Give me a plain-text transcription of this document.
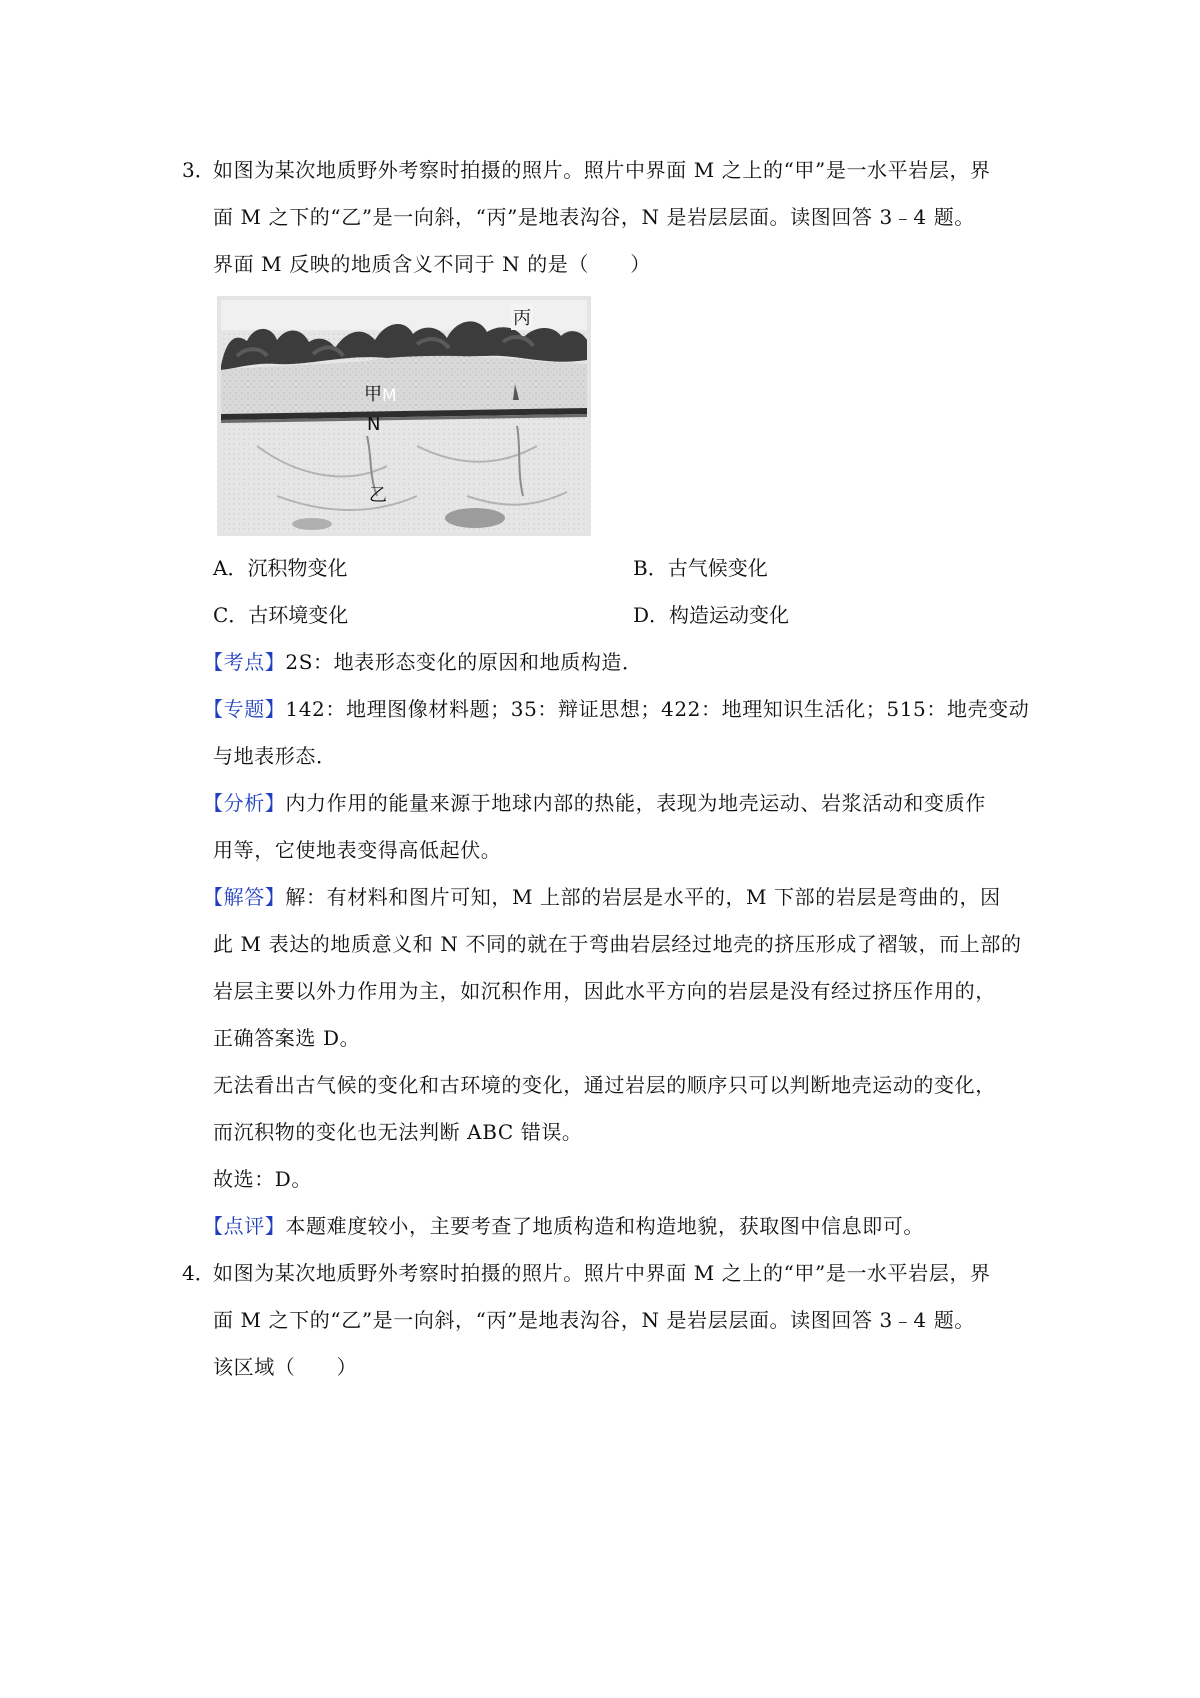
3．
如图为某次地质野外考察时拍摄的照片。照片中界面 M 之上的“甲”是一水平岩层，界
面 M 之下的“乙”是一向斜，“丙”是地表沟谷，N 是岩层层面。读图回答 3﹣4 题。
界面 M 反映的地质含义不同于 N 的是（　　）
丙
甲 M
N
乙
A．沉积物变化	B．古气候变化
C．古环境变化	D．构造运动变化
【考点】2S：地表形态变化的原因和地质构造．
【专题】142：地理图像材料题；35：辩证思想；422：地理知识生活化；515：地壳变动
与地表形态．
【分析】内力作用的能量来源于地球内部的热能，表现为地壳运动、岩浆活动和变质作
用等，它使地表变得高低起伏。
【解答】解：有材料和图片可知，M 上部的岩层是水平的，M 下部的岩层是弯曲的，因
此 M 表达的地质意义和 N 不同的就在于弯曲岩层经过地壳的挤压形成了褶皱，而上部的
岩层主要以外力作用为主，如沉积作用，因此水平方向的岩层是没有经过挤压作用的，
正确答案选 D。
无法看出古气候的变化和古环境的变化，通过岩层的顺序只可以判断地壳运动的变化，
而沉积物的变化也无法判断 ABC 错误。
故选：D。
【点评】本题难度较小，主要考查了地质构造和构造地貌，获取图中信息即可。
4．
如图为某次地质野外考察时拍摄的照片。照片中界面 M 之上的“甲”是一水平岩层，界
面 M 之下的“乙”是一向斜，“丙”是地表沟谷，N 是岩层层面。读图回答 3﹣4 题。
该区域（　　）
